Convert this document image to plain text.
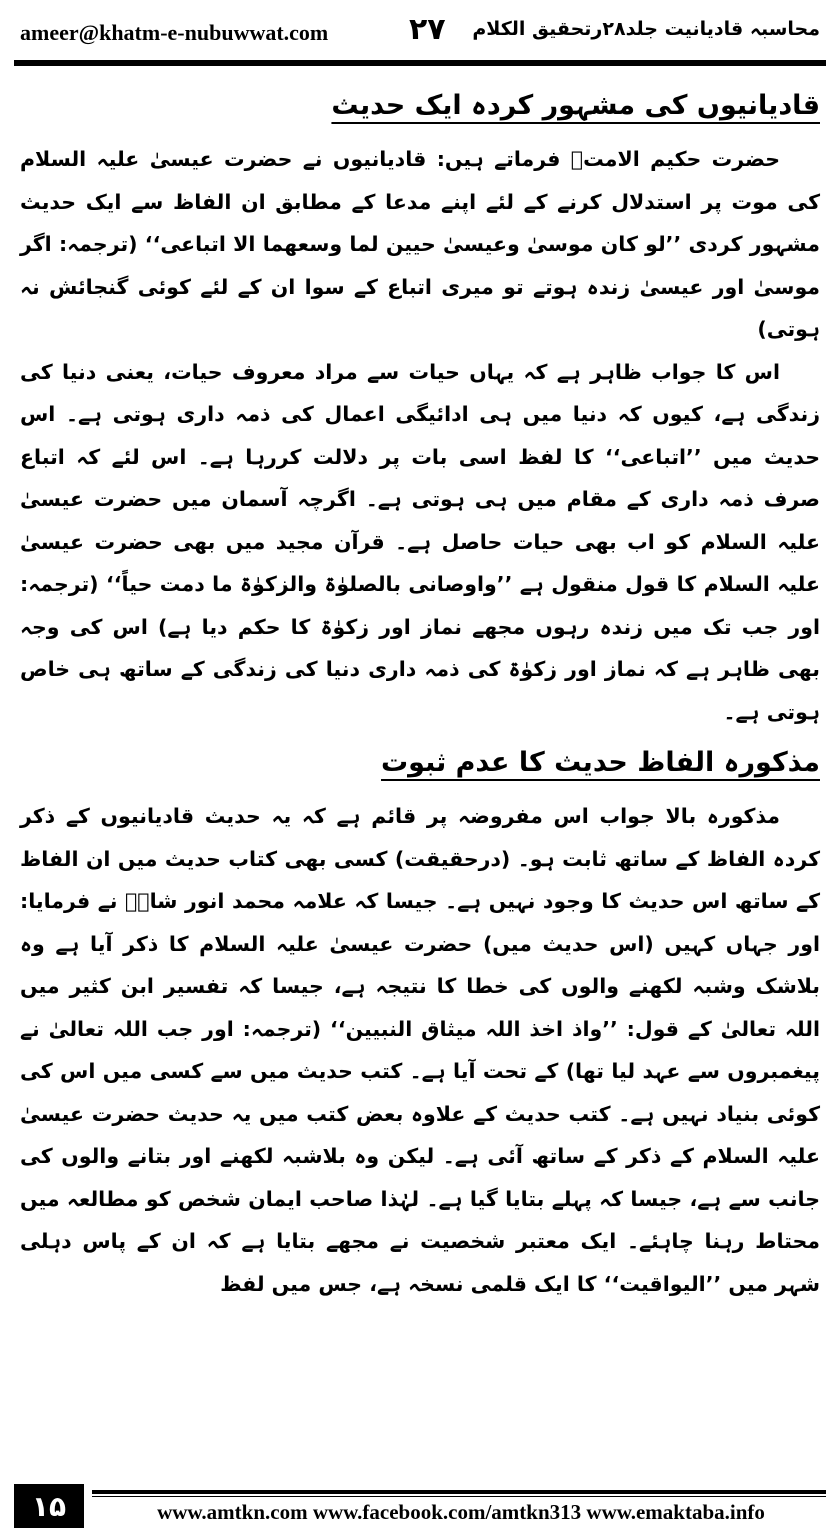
ameer@khatm-e-nubuwwat.com	۲۷ محاسبہ قادیانیت جلد۲۸رتحقیق الکلام
قادیانیوں کی مشہور کردہ ایک حدیث

حضرت حکیم الامتؒ فرماتے ہیں: قادیانیوں نے حضرت عیسیٰ علیہ السلام کی موت پر استدلال کرنے کے لئے اپنے مدعا کے مطابق ان الفاظ سے ایک حدیث مشہور کردی ’’لو کان موسیٰ وعیسیٰ حیین لما وسعھما الا اتباعی‘‘ (ترجمہ: اگر موسیٰ اور عیسیٰ زندہ ہوتے تو میری اتباع کے سوا ان کے لئے کوئی گنجائش نہ ہوتی)

اس کا جواب ظاہر ہے کہ یہاں حیات سے مراد معروف حیات، یعنی دنیا کی زندگی ہے، کیوں کہ دنیا میں ہی ادائیگی اعمال کی ذمہ داری ہوتی ہے۔ اس حدیث میں ’’اتباعی‘‘ کا لفظ اسی بات پر دلالت کررہا ہے۔ اس لئے کہ اتباع صرف ذمہ داری کے مقام میں ہی ہوتی ہے۔ اگرچہ آسمان میں حضرت عیسیٰ علیہ السلام کو اب بھی حیات حاصل ہے۔ قرآن مجید میں بھی حضرت عیسیٰ علیہ السلام کا قول منقول ہے ’’واوصانی بالصلوٰۃ والزکوٰۃ ما دمت حیاً‘‘ (ترجمہ: اور جب تک میں زندہ رہوں مجھے نماز اور زکوٰۃ کا حکم دیا ہے) اس کی وجہ بھی ظاہر ہے کہ نماز اور زکوٰۃ کی ذمہ داری دنیا کی زندگی کے ساتھ ہی خاص ہوتی ہے۔

مذکورہ الفاظ حدیث کا عدم ثبوت

مذکورہ بالا جواب اس مفروضہ پر قائم ہے کہ یہ حدیث قادیانیوں کے ذکر کردہ الفاظ کے ساتھ ثابت ہو۔ (درحقیقت) کسی بھی کتاب حدیث میں ان الفاظ کے ساتھ اس حدیث کا وجود نہیں ہے۔ جیسا کہ علامہ محمد انور شاہؒ نے فرمایا: اور جہاں کہیں (اس حدیث میں) حضرت عیسیٰ علیہ السلام کا ذکر آیا ہے وہ بلاشک وشبہ لکھنے والوں کی خطا کا نتیجہ ہے، جیسا کہ تفسیر ابن کثیر میں اللہ تعالیٰ کے قول: ’’واذ اخذ اللہ میثاق النبیین‘‘ (ترجمہ: اور جب اللہ تعالیٰ نے پیغمبروں سے عہد لیا تھا) کے تحت آیا ہے۔ کتب حدیث میں سے کسی میں اس کی کوئی بنیاد نہیں ہے۔ کتب حدیث کے علاوہ بعض کتب میں یہ حدیث حضرت عیسیٰ علیہ السلام کے ذکر کے ساتھ آئی ہے۔ لیکن وہ بلاشبہ لکھنے اور بتانے والوں کی جانب سے ہے، جیسا کہ پہلے بتایا گیا ہے۔ لہٰذا صاحب ایمان شخص کو مطالعہ میں محتاط رہنا چاہئے۔ ایک معتبر شخصیت نے مجھے بتایا ہے کہ ان کے پاس دہلی شہر میں ’’الیواقیت‘‘ کا ایک قلمی نسخہ ہے، جس میں لفظ

۱۵	www.amtkn.com www.facebook.com/amtkn313 www.emaktaba.info
